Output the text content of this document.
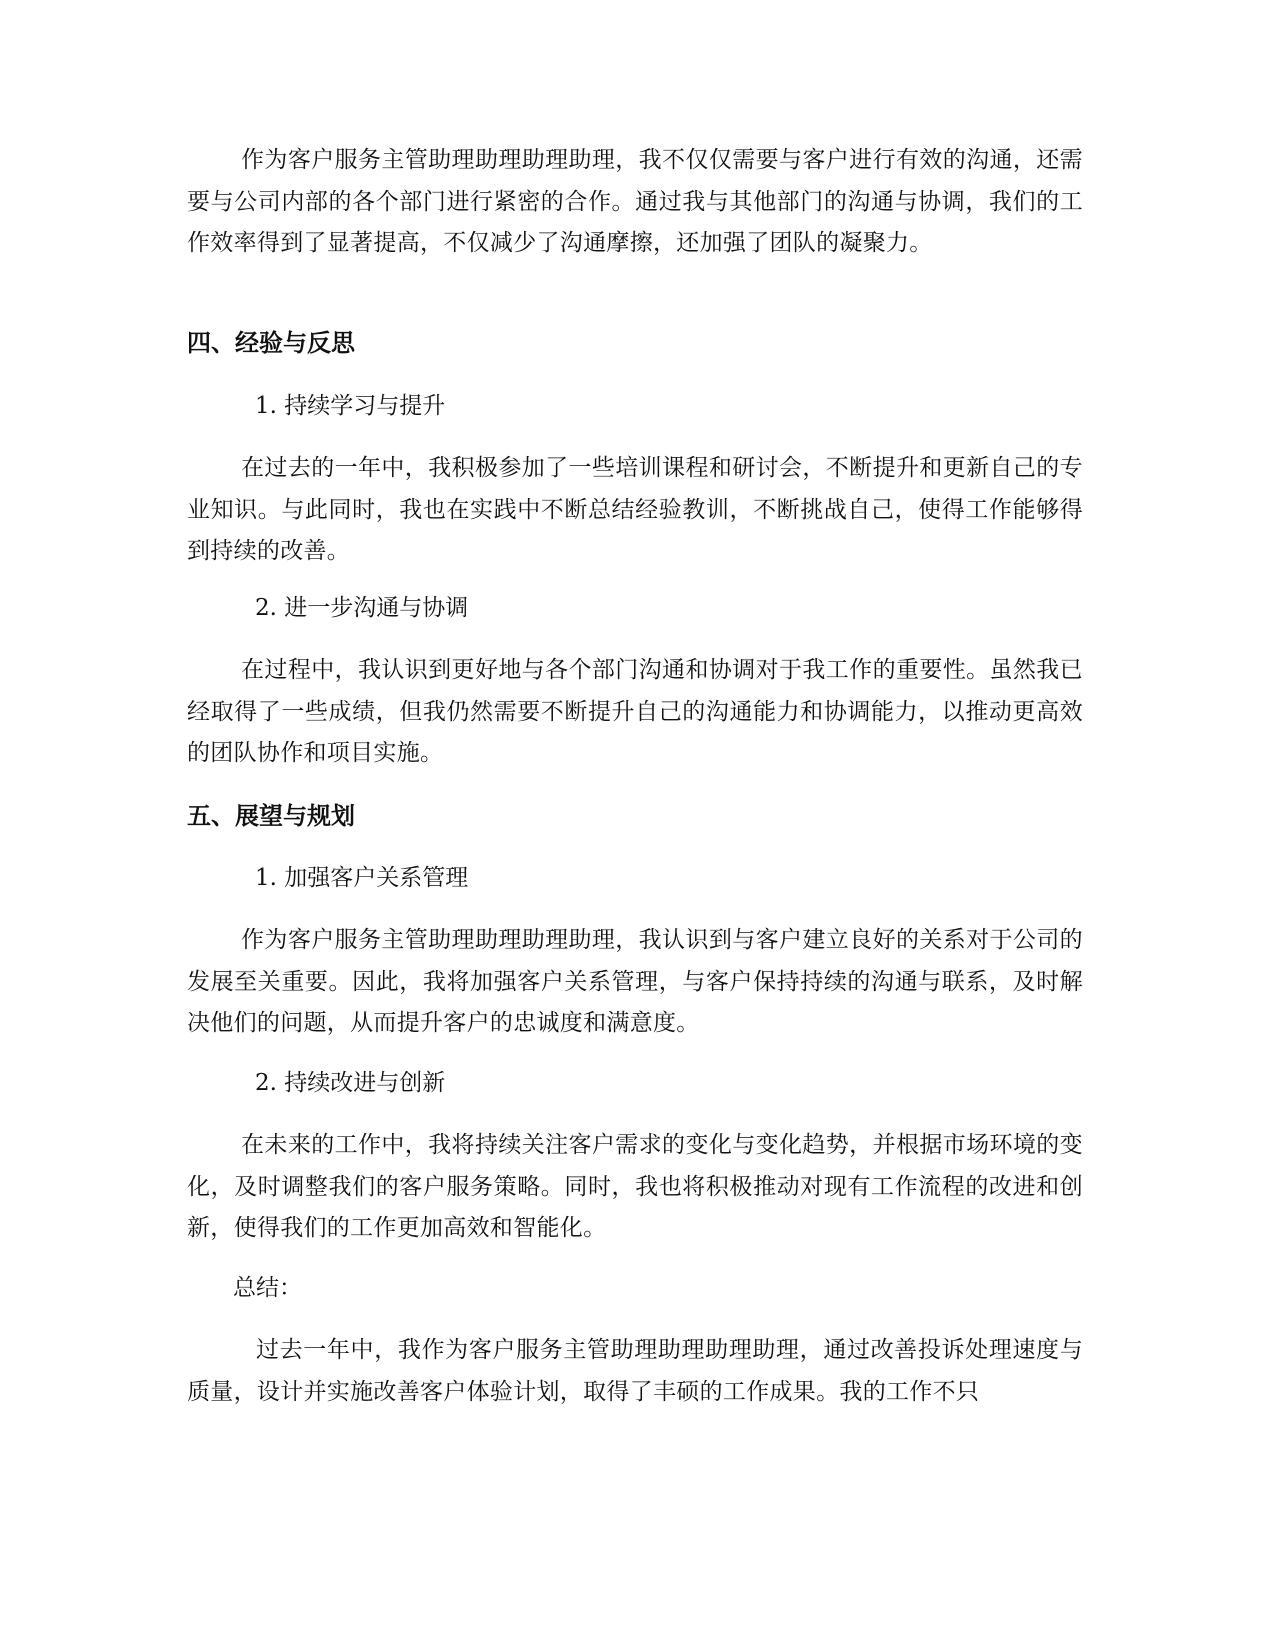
作为客户服务主管助理助理助理助理，我不仅仅需要与客户进行有效的沟通，还需要与公司内部的各个部门进行紧密的合作。通过我与其他部门的沟通与协调，我们的工作效率得到了显著提高，不仅减少了沟通摩擦，还加强了团队的凝聚力。

四、经验与反思

1. 持续学习与提升

在过去的一年中，我积极参加了一些培训课程和研讨会，不断提升和更新自己的专业知识。与此同时，我也在实践中不断总结经验教训，不断挑战自己，使得工作能够得到持续的改善。

2. 进一步沟通与协调

在过程中，我认识到更好地与各个部门沟通和协调对于我工作的重要性。虽然我已经取得了一些成绩，但我仍然需要不断提升自己的沟通能力和协调能力，以推动更高效的团队协作和项目实施。

五、展望与规划

1. 加强客户关系管理

作为客户服务主管助理助理助理助理，我认识到与客户建立良好的关系对于公司的发展至关重要。因此，我将加强客户关系管理，与客户保持持续的沟通与联系，及时解决他们的问题，从而提升客户的忠诚度和满意度。

2. 持续改进与创新

在未来的工作中，我将持续关注客户需求的变化与变化趋势，并根据市场环境的变化，及时调整我们的客户服务策略。同时，我也将积极推动对现有工作流程的改进和创新，使得我们的工作更加高效和智能化。

总结：

过去一年中，我作为客户服务主管助理助理助理助理，通过改善投诉处理速度与质量，设计并实施改善客户体验计划，取得了丰硕的工作成果。我的工作不只
